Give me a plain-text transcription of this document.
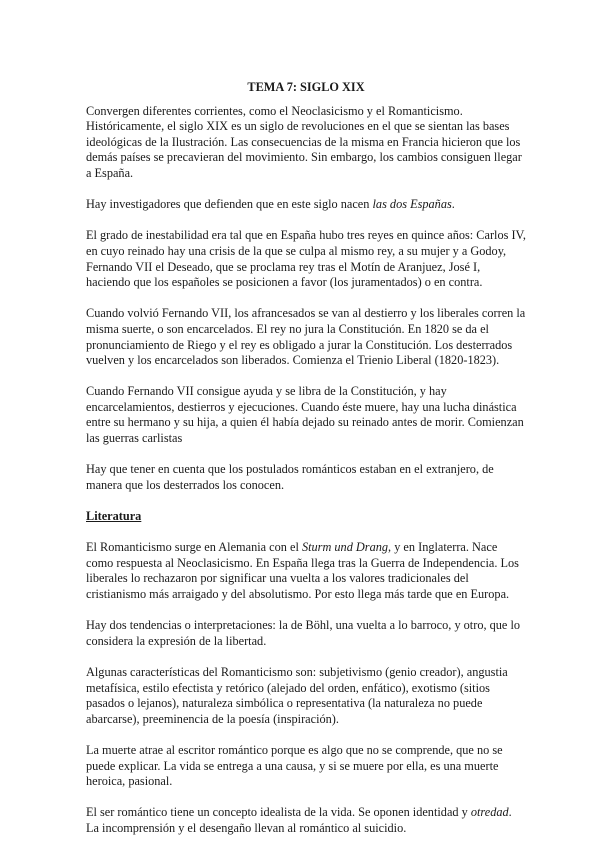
TEMA 7: SIGLO XIX

Convergen diferentes corrientes, como el Neoclasicismo y el Romanticismo. Históricamente, el siglo XIX es un siglo de revoluciones en el que se sientan las bases ideológicas de la Ilustración. Las consecuencias de la misma en Francia hicieron que los demás países se precavieran del movimiento. Sin embargo, los cambios consiguen llegar a España.

Hay investigadores que defienden que en este siglo nacen las dos Españas.

El grado de inestabilidad era tal que en España hubo tres reyes en quince años: Carlos IV, en cuyo reinado hay una crisis de la que se culpa al mismo rey, a su mujer y a Godoy, Fernando VII el Deseado, que se proclama rey tras el Motín de Aranjuez, José I, haciendo que los españoles se posicionen a favor (los juramentados) o en contra.

Cuando volvió Fernando VII, los afrancesados se van al destierro y los liberales corren la misma suerte, o son encarcelados. El rey no jura la Constitución. En 1820 se da el pronunciamiento de Riego y el rey es obligado a jurar la Constitución. Los desterrados vuelven y los encarcelados son liberados. Comienza el Trienio Liberal (1820-1823).

Cuando Fernando VII consigue ayuda y se libra de la Constitución, y hay encarcelamientos, destierros y ejecuciones. Cuando éste muere, hay una lucha dinástica entre su hermano y su hija, a quien él había dejado su reinado antes de morir. Comienzan las guerras carlistas

Hay que tener en cuenta que los postulados románticos estaban en el extranjero, de manera que los desterrados los conocen.

Literatura

El Romanticismo surge en Alemania con el Sturm und Drang, y en Inglaterra. Nace como respuesta al Neoclasicismo. En España llega tras la Guerra de Independencia. Los liberales lo rechazaron por significar una vuelta a los valores tradicionales del cristianismo más arraigado y del absolutismo. Por esto llega más tarde que en Europa.

Hay dos tendencias o interpretaciones: la de Böhl, una vuelta a lo barroco, y otro, que lo considera la expresión de la libertad.

Algunas características del Romanticismo son: subjetivismo (genio creador), angustia metafísica, estilo efectista y retórico (alejado del orden, enfático), exotismo (sitios pasados o lejanos), naturaleza simbólica o representativa (la naturaleza no puede abarcarse), preeminencia de la poesía (inspiración).

La muerte atrae al escritor romántico porque es algo que no se comprende, que no se puede explicar. La vida se entrega a una causa, y si se muere por ella, es una muerte heroica, pasional.

El ser romántico tiene un concepto idealista de la vida. Se oponen identidad y otredad. La incomprensión y el desengaño llevan al romántico al suicidio.
